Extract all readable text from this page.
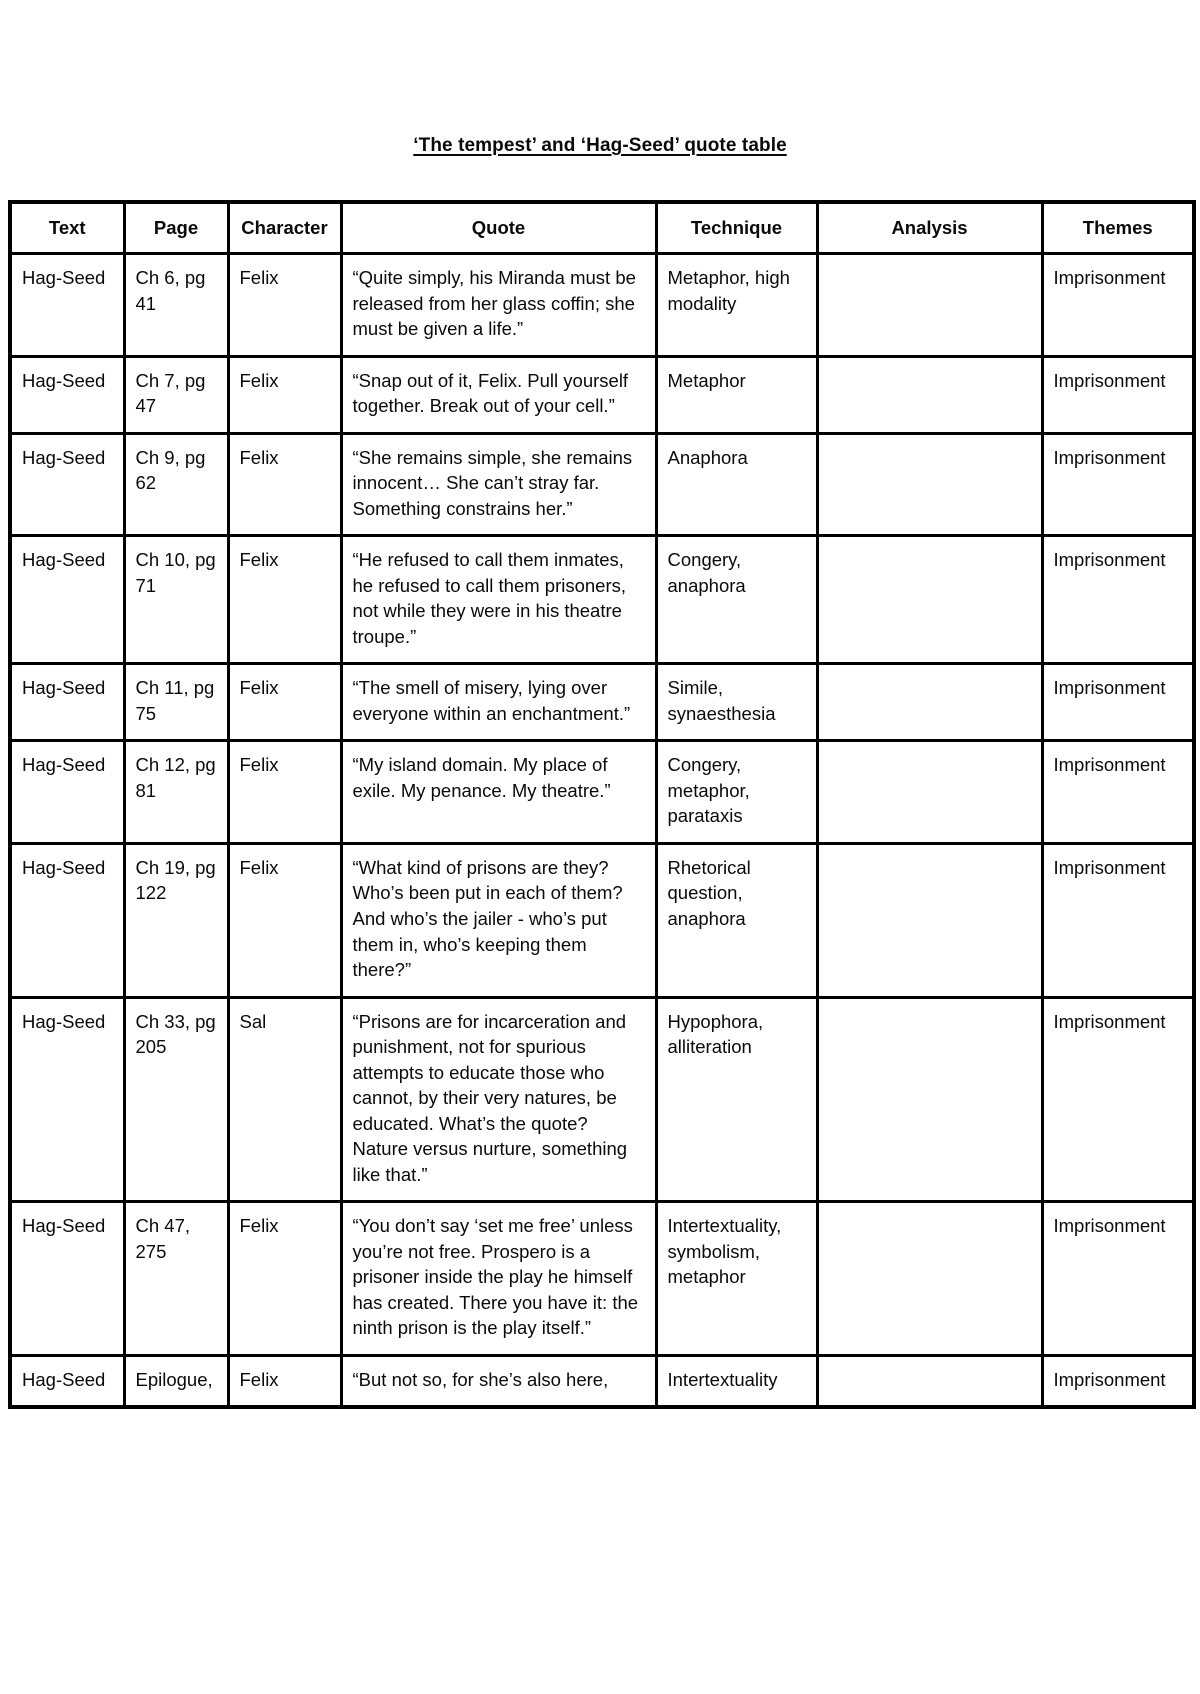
‘The tempest’ and ‘Hag-Seed’ quote table
Text	Page	Character	Quote	Technique	Analysis	Themes
Hag-Seed	Ch 6, pg 41	Felix	“Quite simply, his Miranda must be released from her glass coffin; she must be given a life.”	Metaphor, high modality		Imprisonment
Hag-Seed	Ch 7, pg 47	Felix	“Snap out of it, Felix. Pull yourself together. Break out of your cell.”	Metaphor		Imprisonment
Hag-Seed	Ch 9, pg 62	Felix	“She remains simple, she remains innocent… She can’t stray far. Something constrains her.”	Anaphora		Imprisonment
Hag-Seed	Ch 10, pg 71	Felix	“He refused to call them inmates, he refused to call them prisoners, not while they were in his theatre troupe.”	Congery, anaphora		Imprisonment
Hag-Seed	Ch 11, pg 75	Felix	“The smell of misery, lying over everyone within an enchantment.”	Simile, synaesthesia		Imprisonment
Hag-Seed	Ch 12, pg 81	Felix	“My island domain. My place of exile. My penance. My theatre.”	Congery, metaphor, parataxis		Imprisonment
Hag-Seed	Ch 19, pg 122	Felix	“What kind of prisons are they? Who’s been put in each of them? And who’s the jailer - who’s put them in, who’s keeping them there?”	Rhetorical question, anaphora		Imprisonment
Hag-Seed	Ch 33, pg 205	Sal	“Prisons are for incarceration and punishment, not for spurious attempts to educate those who cannot, by their very natures, be educated. What’s the quote? Nature versus nurture, something like that.”	Hypophora, alliteration		Imprisonment
Hag-Seed	Ch 47, 275	Felix	“You don’t say ‘set me free’ unless you’re not free. Prospero is a prisoner inside the play he himself has created. There you have it: the ninth prison is the play itself.”	Intertextuality, symbolism, metaphor		Imprisonment
Hag-Seed	Epilogue,	Felix	“But not so, for she’s also here,	Intertextuality		Imprisonment
